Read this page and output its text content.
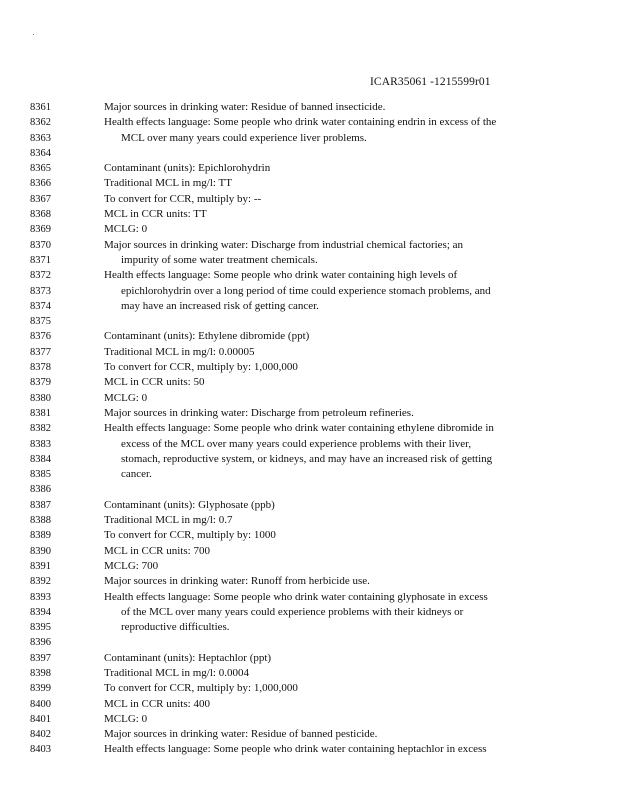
ICAR35061 -1215599r01
8361	Major sources in drinking water: Residue of banned insecticide.
8362	Health effects language: Some people who drink water containing endrin in excess of the
8363	MCL over many years could experience liver problems.
8364
8365	Contaminant (units): Epichlorohydrin
8366	Traditional MCL in mg/l: TT
8367	To convert for CCR, multiply by: --
8368	MCL in CCR units: TT
8369	MCLG: 0
8370	Major sources in drinking water: Discharge from industrial chemical factories; an
8371	impurity of some water treatment chemicals.
8372	Health effects language: Some people who drink water containing high levels of
8373	epichlorohydrin over a long period of time could experience stomach problems, and
8374	may have an increased risk of getting cancer.
8375
8376	Contaminant (units): Ethylene dibromide (ppt)
8377	Traditional MCL in mg/l: 0.00005
8378	To convert for CCR, multiply by: 1,000,000
8379	MCL in CCR units: 50
8380	MCLG: 0
8381	Major sources in drinking water: Discharge from petroleum refineries.
8382	Health effects language: Some people who drink water containing ethylene dibromide in
8383	excess of the MCL over many years could experience problems with their liver,
8384	stomach, reproductive system, or kidneys, and may have an increased risk of getting
8385	cancer.
8386
8387	Contaminant (units): Glyphosate (ppb)
8388	Traditional MCL in mg/l: 0.7
8389	To convert for CCR, multiply by: 1000
8390	MCL in CCR units: 700
8391	MCLG: 700
8392	Major sources in drinking water: Runoff from herbicide use.
8393	Health effects language: Some people who drink water containing glyphosate in excess
8394	of the MCL over many years could experience problems with their kidneys or
8395	reproductive difficulties.
8396
8397	Contaminant (units): Heptachlor (ppt)
8398	Traditional MCL in mg/l: 0.0004
8399	To convert for CCR, multiply by: 1,000,000
8400	MCL in CCR units: 400
8401	MCLG: 0
8402	Major sources in drinking water: Residue of banned pesticide.
8403	Health effects language: Some people who drink water containing heptachlor in excess
